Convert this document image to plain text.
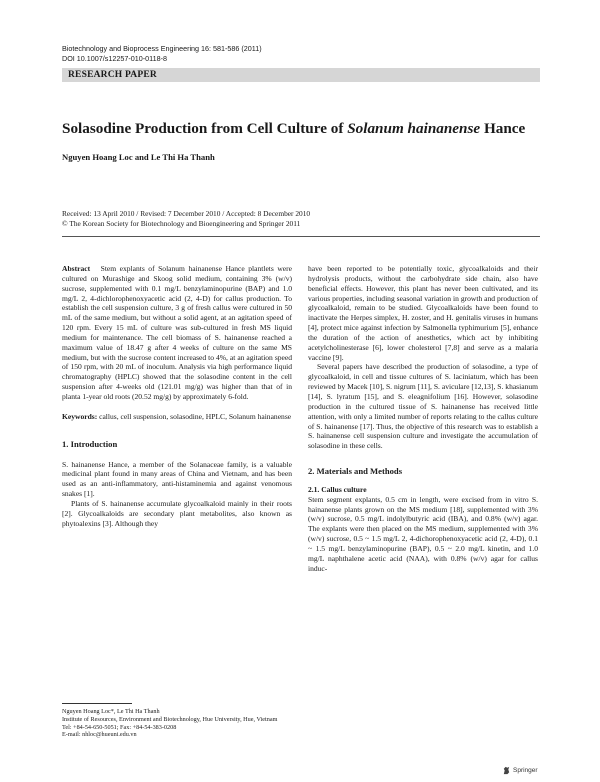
Biotechnology and Bioprocess Engineering 16: 581-586 (2011)
DOI 10.1007/s12257-010-0118-8
RESEARCH PAPER
Solasodine Production from Cell Culture of Solanum hainanense Hance
Nguyen Hoang Loc and Le Thi Ha Thanh
Received: 13 April 2010 / Revised: 7 December 2010 / Accepted: 8 December 2010
© The Korean Society for Biotechnology and Bioengineering and Springer 2011

Abstract Stem explants of Solanum hainanense Hance plantlets were cultured on Murashige and Skoog solid medium, containing 3% (w/v) sucrose, supplemented with 0.1 mg/L benzylaminopurine (BAP) and 1.0 mg/L 2, 4-dichlorophenoxyacetic acid (2, 4-D) for callus production. To establish the cell suspension culture, 3 g of fresh callus were cultured in 50 mL of the same medium, but without a solid agent, at an agitation speed of 120 rpm. Every 15 mL of culture was sub-cultured in fresh MS liquid medium for maintenance. The cell biomass of S. hainanense reached a maximum value of 18.47 g after 4 weeks of culture on the same MS medium, but with the sucrose content increased to 4%, at an agitation speed of 150 rpm, with 20 mL of inoculum. Analysis via high performance liquid chromatography (HPLC) showed that the solasodine content in the cell suspension after 4-weeks old (121.01 mg/g) was higher than that of in planta 1-year old roots (20.52 mg/g) by approximately 6-fold.

Keywords: callus, cell suspension, solasodine, HPLC, Solanum hainanense

1. Introduction

S. hainanense Hance, a member of the Solanaceae family, is a valuable medicinal plant found in many areas of China and Vietnam, and has been used as an anti-inflammatory, anti-histaminemia and against venomous snakes [1].

Plants of S. hainanense accumulate glycoalkaloid mainly in their roots [2]. Glycoalkaloids are secondary plant metabolites, also known as phytoalexins [3]. Although they

have been reported to be potentially toxic, glycoalkaloids and their hydrolysis products, without the carbohydrate side chain, also have beneficial effects. However, this plant has never been cultivated, and its various properties, including seasonal variation in growth and production of glycoalkaloid, remain to be studied. Glycoalkaloids have been found to inactivate the Herpes simplex, H. zoster, and H. genitalis viruses in humans [4], protect mice against infection by Salmonella typhimurium [5], enhance the duration of the action of anesthetics, which act by inhibiting acetylcholinesterase [6], lower cholesterol [7,8] and serve as a malaria vaccine [9].

Several papers have described the production of solasodine, a type of glycoalkaloid, in cell and tissue cultures of S. laciniatum, which has been reviewed by Macek [10], S. nigrum [11], S. aviculare [12,13], S. khasianum [14], S. lyratum [15], and S. eleagnifolium [16]. However, solasodine production in the cultured tissue of S. hainanense has received little attention, with only a limited number of reports relating to the callus culture of S. hainanense [17]. Thus, the objective of this research was to establish a S. hainanense cell suspension culture and investigate the accumulation of solasodine in these cells.

2. Materials and Methods

2.1. Callus culture

Stem segment explants, 0.5 cm in length, were excised from in vitro S. hainanense plants grown on the MS medium [18], supplemented with 3% (w/v) sucrose, 0.5 mg/L indolylbutyric acid (IBA), and 0.8% (w/v) agar. The explants were then placed on the MS medium, supplemented with 3% (w/v) sucrose, 0.5 ~ 1.5 mg/L 2, 4-dichorophenoxyacetic acid (2, 4-D), 0.1 ~ 1.5 mg/L benzylaminopurine (BAP), 0.5 ~ 2.0 mg/L kinetin, and 1.0 mg/L naphthalene acetic acid (NAA), with 0.8% (w/v) agar for callus induc-

Nguyen Hoang Loc*, Le Thi Ha Thanh
Institute of Resources, Environment and Biotechnology, Hue University, Hue, Vietnam
Tel: +84-54-650-5051; Fax: +84-54-383-0208
E-mail: nhloc@hueuni.edu.vn
Springer
